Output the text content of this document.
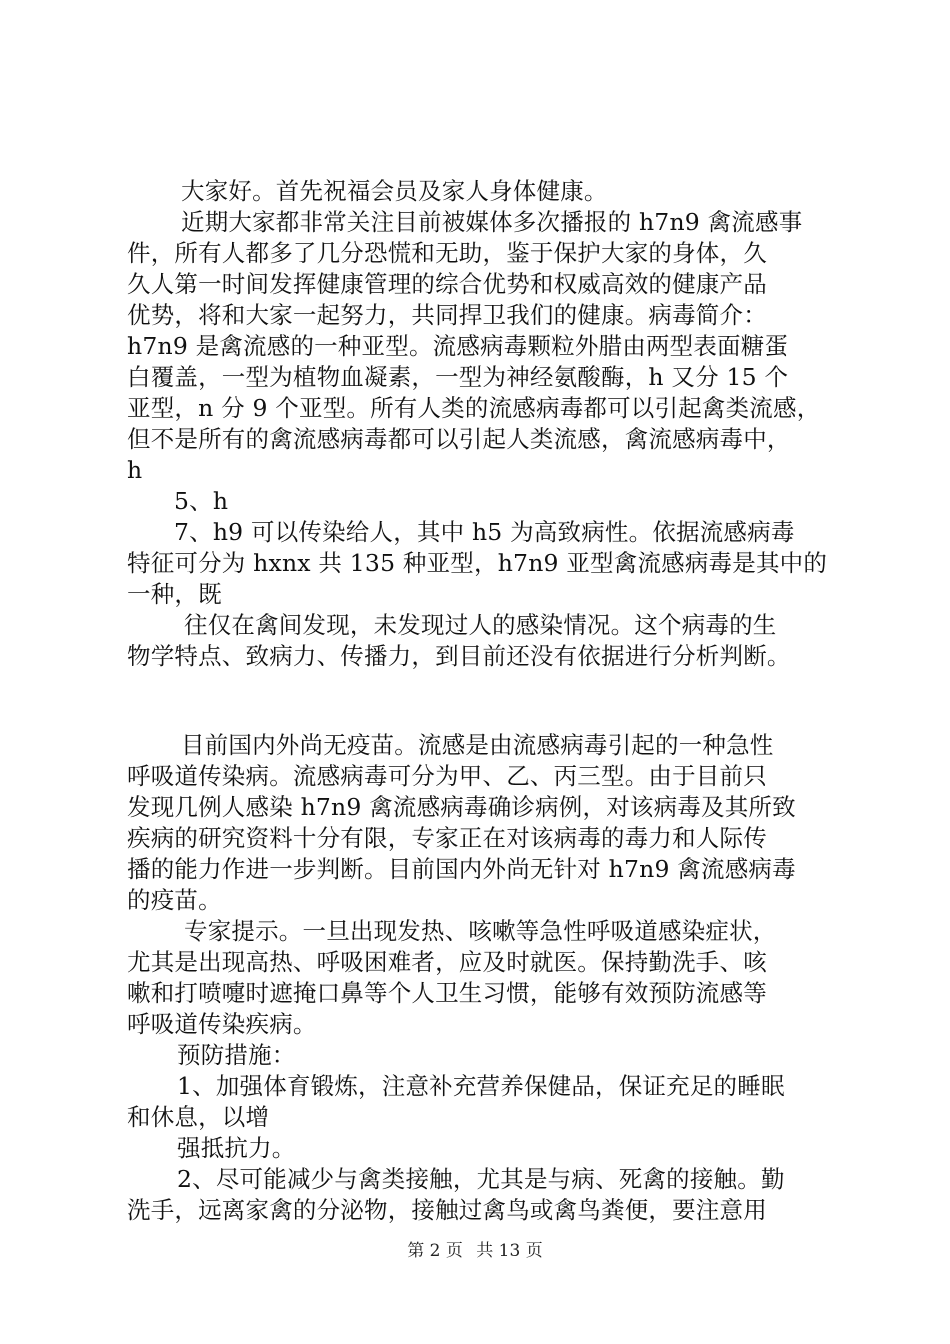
大家好。首先祝福会员及家人身体健康。
近期大家都非常关注目前被媒体多次播报的 h7n9 禽流感事
件，所有人都多了几分恐慌和无助，鉴于保护大家的身体，久
久人第一时间发挥健康管理的综合优势和权威高效的健康产品
优势，将和大家一起努力，共同捍卫我们的健康。病毒简介：
h7n9 是禽流感的一种亚型。流感病毒颗粒外腊由两型表面糖蛋
白覆盖，一型为植物血凝素，一型为神经氨酸酶，h 又分 15 个
亚型，n 分 9 个亚型。所有人类的流感病毒都可以引起禽类流感，
但不是所有的禽流感病毒都可以引起人类流感，禽流感病毒中，
h
5、h
7、h9 可以传染给人，其中 h5 为高致病性。依据流感病毒
特征可分为 hxnx 共 135 种亚型，h7n9 亚型禽流感病毒是其中的
一种，既
往仅在禽间发现，未发现过人的感染情况。这个病毒的生
物学特点、致病力、传播力，到目前还没有依据进行分析判断。
目前国内外尚无疫苗。流感是由流感病毒引起的一种急性
呼吸道传染病。流感病毒可分为甲、乙、丙三型。由于目前只
发现几例人感染 h7n9 禽流感病毒确诊病例，对该病毒及其所致
疾病的研究资料十分有限，专家正在对该病毒的毒力和人际传
播的能力作进一步判断。目前国内外尚无针对 h7n9 禽流感病毒
的疫苗。
专家提示。一旦出现发热、咳嗽等急性呼吸道感染症状，
尤其是出现高热、呼吸困难者，应及时就医。保持勤洗手、咳
嗽和打喷嚏时遮掩口鼻等个人卫生习惯，能够有效预防流感等
呼吸道传染疾病。
预防措施：
1、加强体育锻炼，注意补充营养保健品，保证充足的睡眠
和休息，以增
强抵抗力。
2、尽可能减少与禽类接触，尤其是与病、死禽的接触。勤
洗手，远离家禽的分泌物，接触过禽鸟或禽鸟粪便，要注意用
第 2 页 共 13 页
